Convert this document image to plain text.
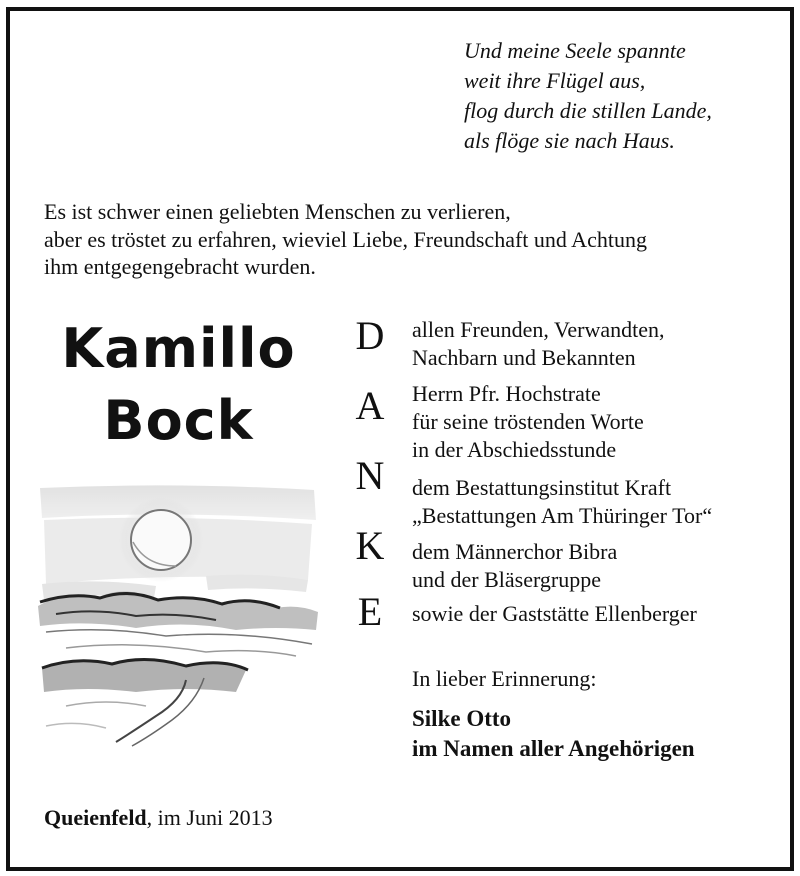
Und meine Seele spannte
weit ihre Flügel aus,
flog durch die stillen Lande,
als flöge sie nach Haus.
Es ist schwer einen geliebten Menschen zu verlieren,
aber es tröstet zu erfahren, wieviel Liebe, Freundschaft und Achtung
ihm entgegengebracht wurden.
Kamillo
Bock
D
A
N
K
E
allen Freunden, Verwandten,
Nachbarn und Bekannten
Herrn Pfr. Hochstrate
für seine tröstenden Worte
in der Abschiedsstunde
dem Bestattungsinstitut Kraft
„Bestattungen Am Thüringer Tor“
dem Männerchor Bibra
und der Bläsergruppe
sowie der Gaststätte Ellenberger
In lieber Erinnerung:
Silke Otto
im Namen aller Angehörigen
Queienfeld, im Juni 2013
